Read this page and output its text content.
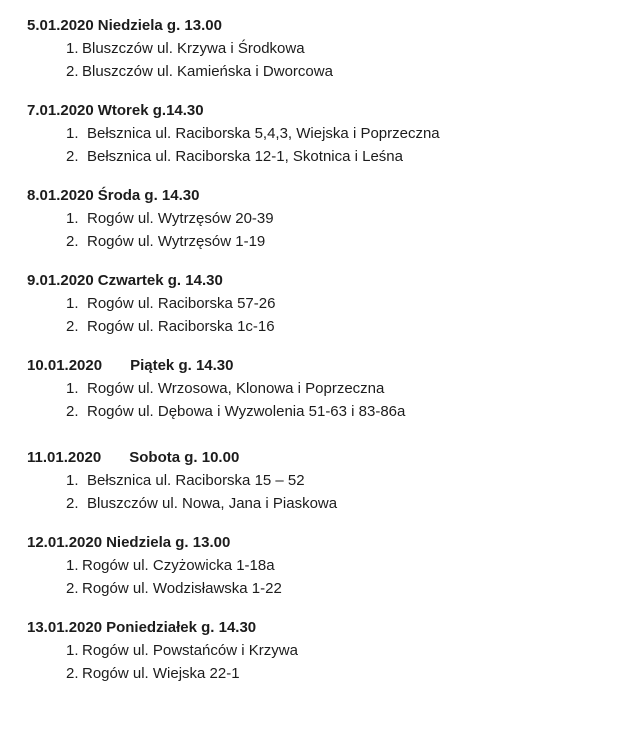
5.01.2020 Niedziela g. 13.00
1. Bluszczów ul. Krzywa i Środkowa
2. Bluszczów ul. Kamieńska i Dworcowa
7.01.2020 Wtorek g.14.30
1. Bełsznica ul. Raciborska 5,4,3, Wiejska i Poprzeczna
2. Bełsznica ul. Raciborska 12-1, Skotnica i Leśna
8.01.2020 Środa g. 14.30
1. Rogów ul. Wytrzęsów 20-39
2. Rogów ul. Wytrzęsów 1-19
9.01.2020 Czwartek g. 14.30
1. Rogów ul. Raciborska 57-26
2. Rogów ul. Raciborska 1c-16
10.01.2020 Piątek g. 14.30
1. Rogów ul. Wrzosowa, Klonowa i Poprzeczna
2. Rogów ul. Dębowa i Wyzwolenia 51-63 i 83-86a
11.01.2020 Sobota g. 10.00
1. Bełsznica ul. Raciborska 15 – 52
2. Bluszczów ul. Nowa, Jana i Piaskowa
12.01.2020 Niedziela g. 13.00
1. Rogów ul. Czyżowicka 1-18a
2. Rogów ul. Wodzisławska 1-22
13.01.2020 Poniedziałek g. 14.30
1. Rogów ul. Powstańców i Krzywa
2. Rogów ul. Wiejska 22-1
